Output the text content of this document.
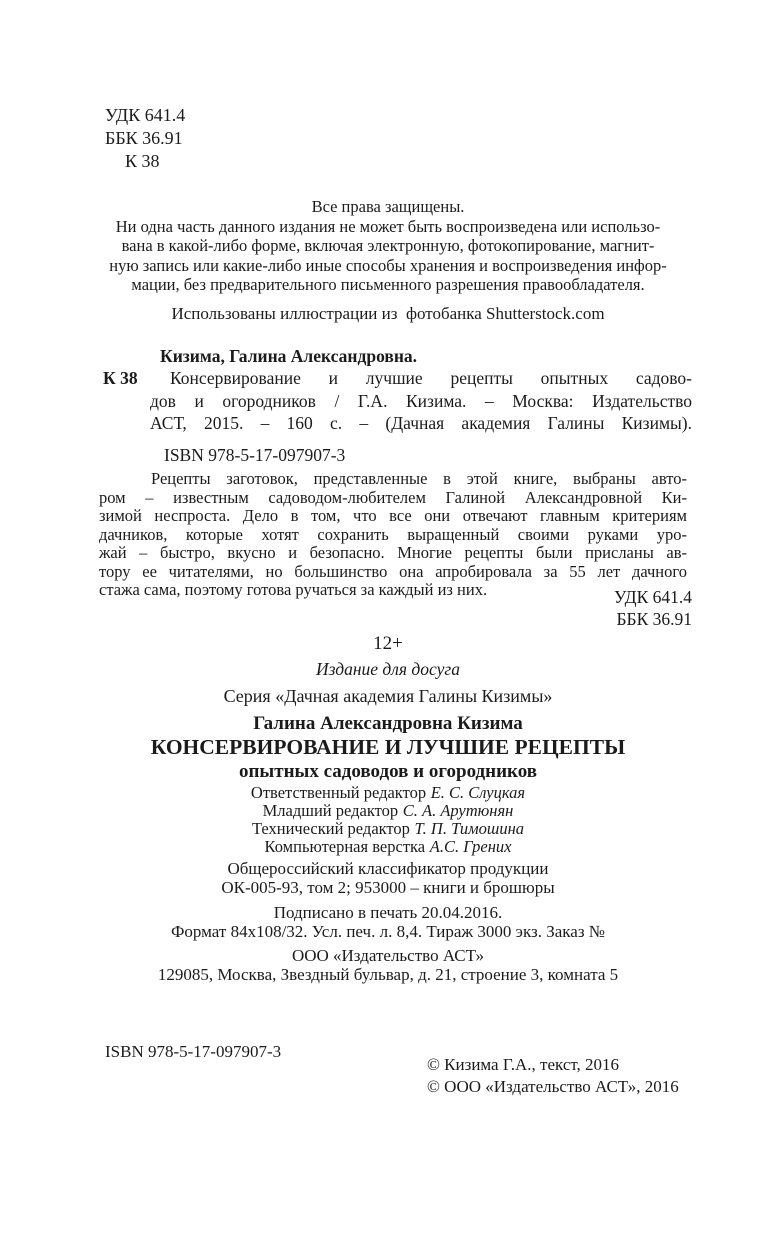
УДК 641.4
ББК 36.91
К 38
Все права защищены.
Ни одна часть данного издания не может быть воспроизведена или использо-
вана в какой-либо форме, включая электронную, фотокопирование, магнит-
ную запись или какие-либо иные способы хранения и воспроизведения инфор-
мации, без предварительного письменного разрешения правообладателя.
Использованы иллюстрации из  фотобанка Shutterstock.com
К 38
Кизима, Галина Александровна.
Консервирование и лучшие рецепты опытных садово-
дов и огородников / Г.А. Кизима. – Москва: Издательство
АСТ, 2015. – 160 с. – (Дачная академия Галины Кизимы).
ISBN 978-5-17-097907-3
Рецепты заготовок, представленные в этой книге, выбраны авто-
ром – известным садоводом-любителем Галиной Александровной Ки-
зимой неспроста. Дело в том, что все они отвечают главным критериям
дачников, которые хотят сохранить выращенный своими руками уро-
жай – быстро, вкусно и безопасно. Многие рецепты были присланы ав-
тору ее читателями, но большинство она апробировала за 55 лет дачного
стажа сама, поэтому готова ручаться за каждый из них.	УДК 641.4
ББК 36.91
12+
Издание для досуга
Серия «Дачная академия Галины Кизимы»
Галина Александровна Кизима
КОНСЕРВИРОВАНИЕ И ЛУЧШИЕ РЕЦЕПТЫ
опытных садоводов и огородников
Ответственный редактор Е. С. Слуцкая
Младший редактор С. А. Арутюнян
Технический редактор Т. П. Тимошина
Компьютерная верстка А.С. Грених
Общероссийский классификатор продукции
ОК-005-93, том 2; 953000 – книги и брошюры
Подписано в печать 20.04.2016.
Формат 84х108/32. Усл. печ. л. 8,4. Тираж 3000 экз. Заказ №
ООО «Издательство АСТ»
129085, Москва, Звездный бульвар, д. 21, строение 3, комната 5
ISBN 978-5-17-097907-3
© Кизима Г.А., текст, 2016
© ООО «Издательство АСТ», 2016
